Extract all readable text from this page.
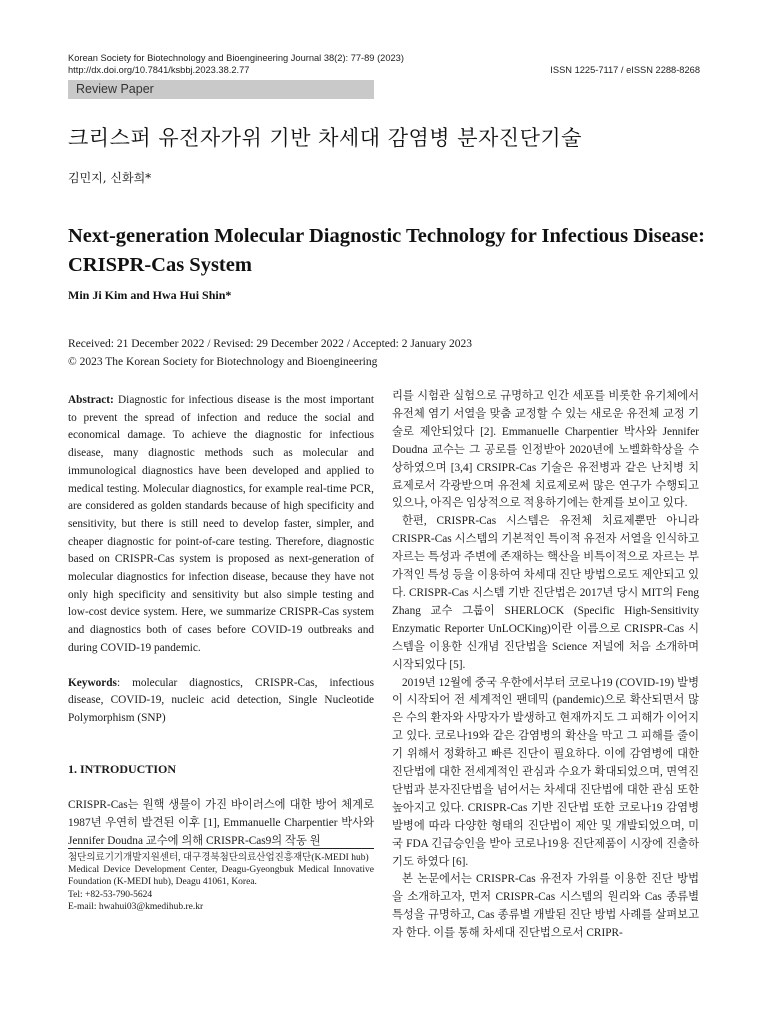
Korean Society for Biotechnology and Bioengineering Journal 38(2): 77-89 (2023)
http://dx.doi.org/10.7841/ksbbj.2023.38.2.77	ISSN 1225-7117 / eISSN 2288-8268
Review Paper
크리스퍼 유전자가위 기반 차세대 감염병 분자진단기술
김민지, 신화희*
Next-generation Molecular Diagnostic Technology for Infectious Disease: CRISPR-Cas System
Min Ji Kim and Hwa Hui Shin*
Received: 21 December 2022 / Revised: 29 December 2022 / Accepted: 2 January 2023
© 2023 The Korean Society for Biotechnology and Bioengineering

Abstract: Diagnostic for infectious disease is the most important to prevent the spread of infection and reduce the social and economical damage. To achieve the diagnostic for infectious disease, many diagnostic methods such as molecular and immunological diagnostics have been developed and applied to medical testing. Molecular diagnostics, for example real-time PCR, are considered as golden standards because of high specificity and sensitivity, but there is still need to develop faster, simpler, and cheaper diagnostic for point-of-care testing. Therefore, diagnostic based on CRISPR-Cas system is proposed as next-generation of molecular diagnostics for infection disease, because they have not only high specificity and sensitivity but also simple testing and low-cost device system. Here, we summarize CRISPR-Cas system and diagnostics both of cases before COVID-19 outbreaks and during COVID-19 pandemic.

Keywords: molecular diagnostics, CRISPR-Cas, infectious disease, COVID-19, nucleic acid detection, Single Nucleotide Polymorphism (SNP)

1. INTRODUCTION
CRISPR-Cas는 원핵 생물이 가진 바이러스에 대한 방어 체계로 1987년 우연히 발견된 이후 [1], Emmanuelle Charpentier 박사와 Jennifer Doudna 교수에 의해 CRISPR-Cas9의 작동 원
첨단의료기기개발지원센터, 대구경북첨단의료산업진흥재단(K-MEDI hub)
Medical Device Development Center, Deagu-Gyeongbuk Medical Innovative Foundation (K-MEDI hub), Deagu 41061, Korea.
Tel: +82-53-790-5624
E-mail: hwahui03@kmedihub.re.kr

리를 시험관 실험으로 규명하고 인간 세포를 비롯한 유기체에서 유전체 염기 서열을 맞춤 교정할 수 있는 새로운 유전체 교정 기술로 제안되었다 [2]. Emmanuelle Charpentier 박사와 Jennifer Doudna 교수는 그 공로를 인정받아 2020년에 노벨화학상을 수상하였으며 [3,4] CRSIPR-Cas 기술은 유전병과 같은 난치병 치료제로서 각광받으며 유전체 치료제로써 많은 연구가 수행되고 있으나, 아직은 임상적으로 적용하기에는 한계를 보이고 있다.

한편, CRISPR-Cas 시스템은 유전체 치료제뿐만 아니라 CRISPR-Cas 시스템의 기본적인 특이적 유전자 서열을 인식하고 자르는 특성과 주변에 존재하는 핵산을 비특이적으로 자르는 부가적인 특성 등을 이용하여 차세대 진단 방법으로도 제안되고 있다. CRISPR-Cas 시스템 기반 진단법은 2017년 당시 MIT의 Feng Zhang 교수 그룹이 SHERLOCK (Specific High-Sensitivity Enzymatic Reporter UnLOCKing)이란 이름으로 CRISPR-Cas 시스템을 이용한 신개념 진단법을 Science 저널에 처음 소개하며 시작되었다 [5].

2019년 12월에 중국 우한에서부터 코로나19 (COVID-19) 발병이 시작되어 전 세계적인 팬데믹 (pandemic)으로 확산되면서 많은 수의 환자와 사망자가 발생하고 현재까지도 그 피해가 이어지고 있다. 코로나19와 같은 감염병의 확산을 막고 그 피해를 줄이기 위해서 정확하고 빠른 진단이 필요하다. 이에 감염병에 대한 진단법에 대한 전세계적인 관심과 수요가 확대되었으며, 면역진단법과 분자진단법을 넘어서는 차세대 진단법에 대한 관심 또한 높아지고 있다. CRISPR-Cas 기반 진단법 또한 코로나19 감염병 발병에 따라 다양한 형태의 진단법이 제안 및 개발되었으며, 미국 FDA 긴급승인을 받아 코로나19용 진단제품이 시장에 진출하기도 하였다 [6].

본 논문에서는 CRISPR-Cas 유전자 가위를 이용한 진단 방법을 소개하고자, 먼저 CRISPR-Cas 시스템의 원리와 Cas 종류별 특성을 규명하고, Cas 종류별 개발된 진단 방법 사례를 살펴보고자 한다. 이를 통해 차세대 진단법으로서 CRIPR-
